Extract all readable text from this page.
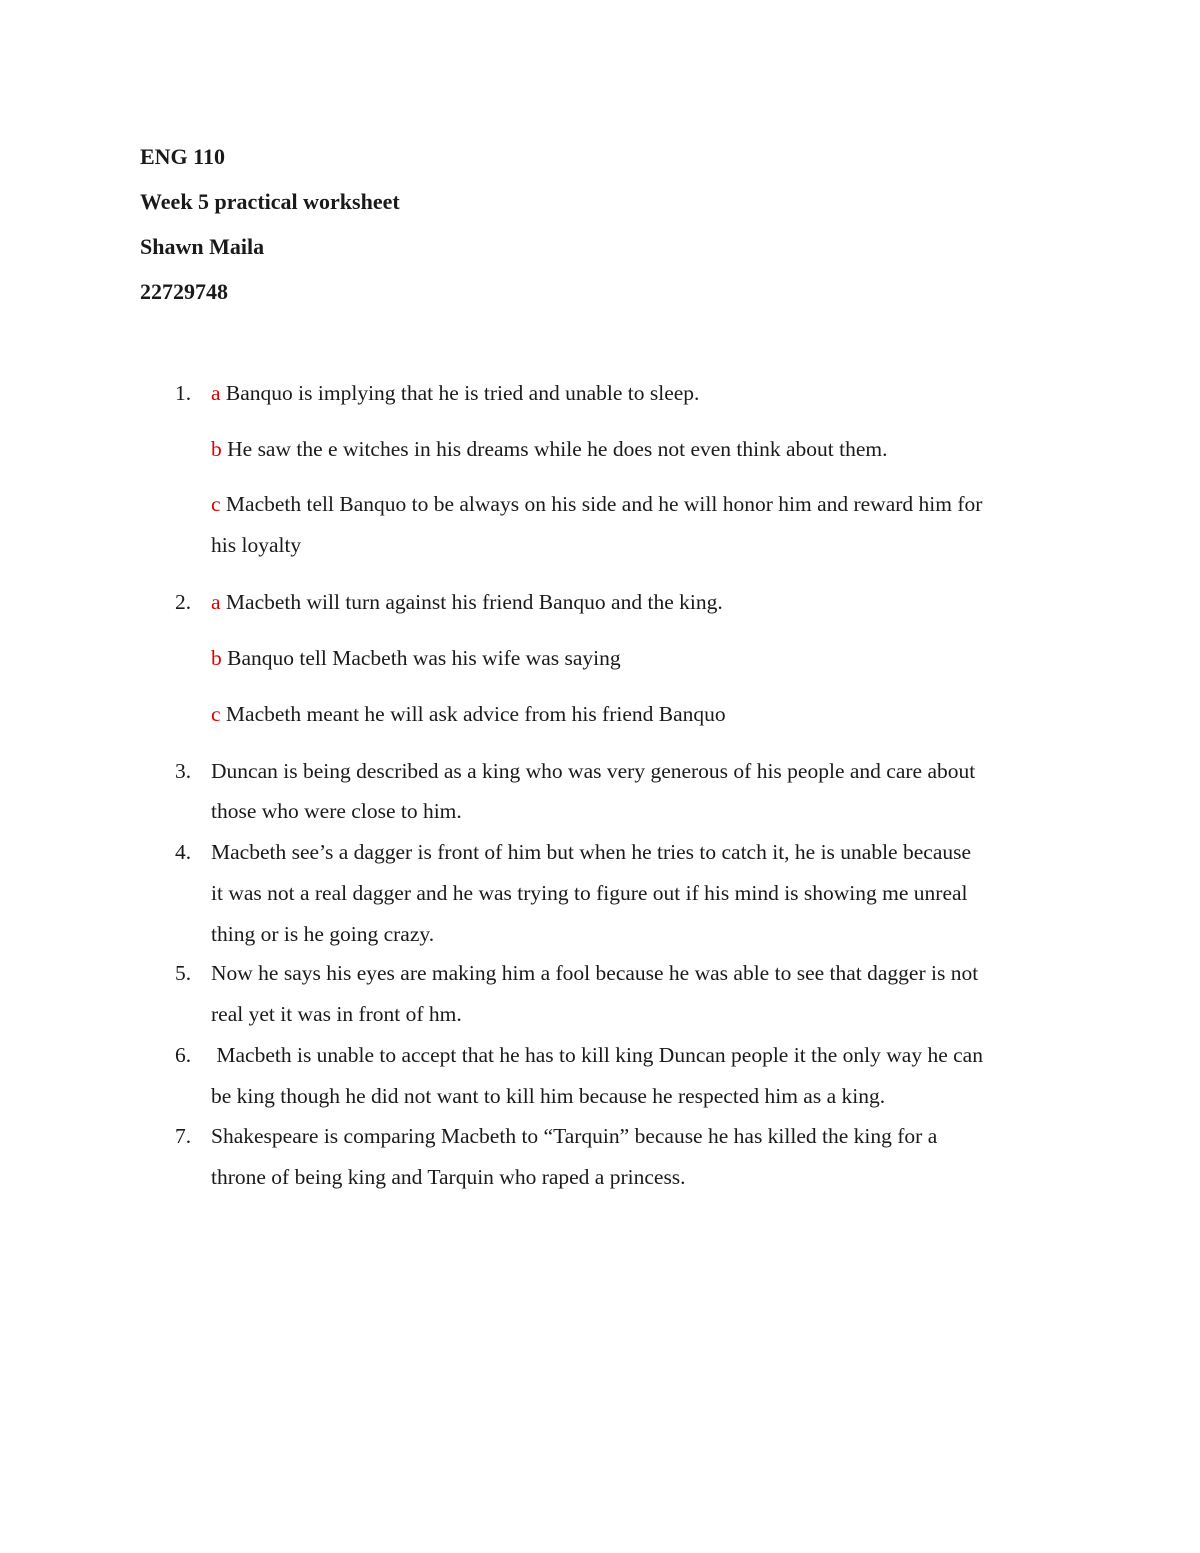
ENG 110
Week 5 practical worksheet
Shawn Maila
22729748
1. a Banquo is implying that he is tried and unable to sleep.
b He saw the e witches in his dreams while he does not even think about them.
c Macbeth tell Banquo to be always on his side and he will honor him and reward him for
his loyalty
2. a Macbeth will turn against his friend Banquo and the king.
b Banquo tell Macbeth was his wife was saying
c Macbeth meant he will ask advice from his friend Banquo
3. Duncan is being described as a king who was very generous of his people and care about
those who were close to him.
4. Macbeth see’s a dagger is front of him but when he tries to catch it, he is unable because
it was not a real dagger and he was trying to figure out if his mind is showing me unreal
thing or is he going crazy.
5. Now he says his eyes are making him a fool because he was able to see that dagger is not
real yet it was in front of hm.
6. Macbeth is unable to accept that he has to kill king Duncan people it the only way he can
be king though he did not want to kill him because he respected him as a king.
7. Shakespeare is comparing Macbeth to “Tarquin” because he has killed the king for a
throne of being king and Tarquin who raped a princess.
